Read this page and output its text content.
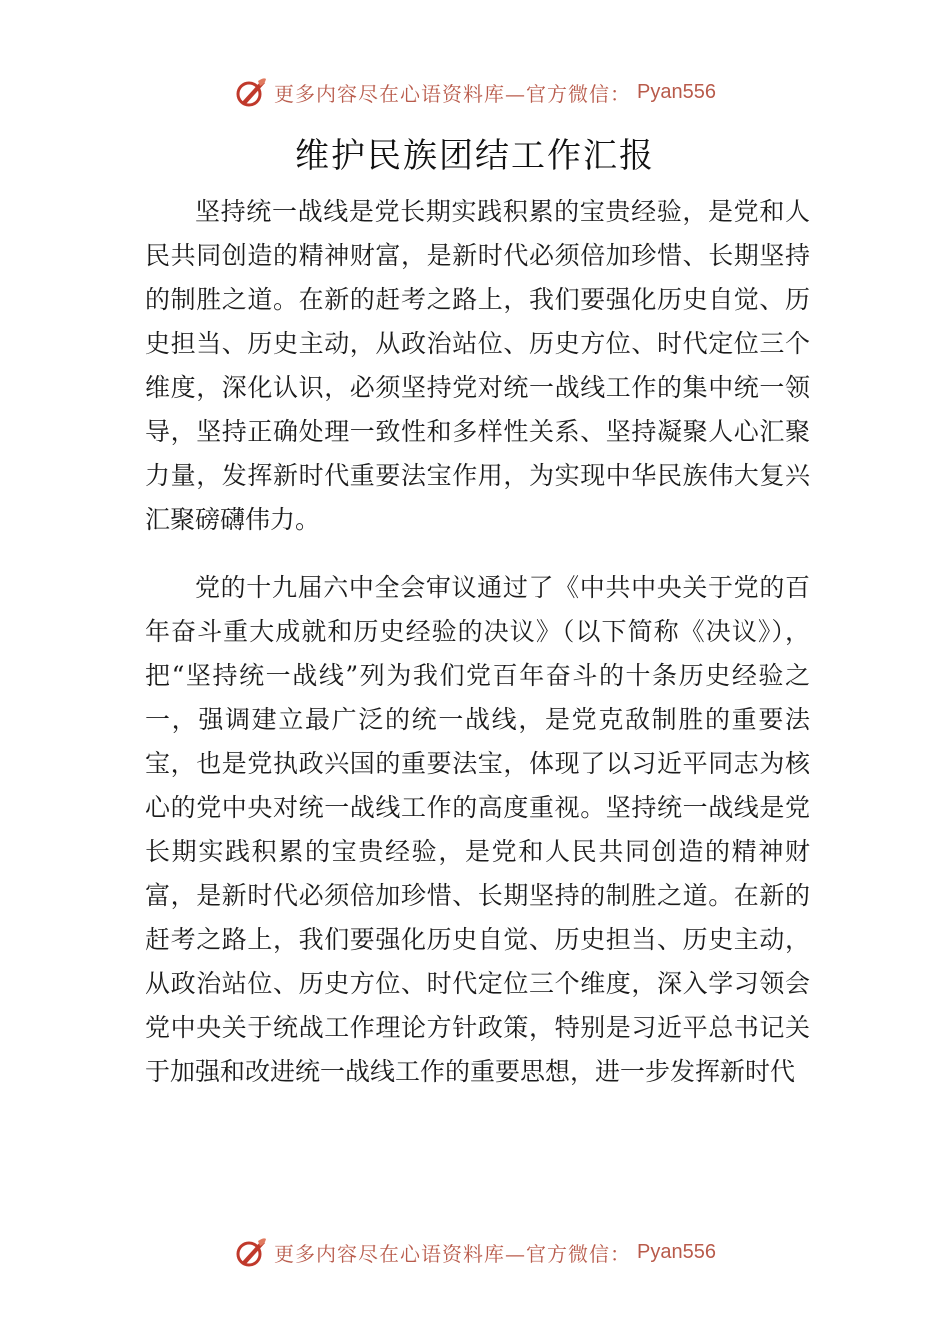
更多内容尽在心语资料库—官方微信： Pyan556
维护民族团结工作汇报

坚持统一战线是党长期实践积累的宝贵经验，是党和人民共同创造的精神财富，是新时代必须倍加珍惜、长期坚持的制胜之道。在新的赶考之路上，我们要强化历史自觉、历史担当、历史主动，从政治站位、历史方位、时代定位三个维度，深化认识，必须坚持党对统一战线工作的集中统一领导，坚持正确处理一致性和多样性关系、坚持凝聚人心汇聚力量，发挥新时代重要法宝作用，为实现中华民族伟大复兴汇聚磅礴伟力。

党的十九届六中全会审议通过了《中共中央关于党的百年奋斗重大成就和历史经验的决议》（以下简称《决议》），把“坚持统一战线”列为我们党百年奋斗的十条历史经验之一，强调建立最广泛的统一战线，是党克敌制胜的重要法宝，也是党执政兴国的重要法宝，体现了以习近平同志为核心的党中央对统一战线工作的高度重视。坚持统一战线是党长期实践积累的宝贵经验，是党和人民共同创造的精神财富，是新时代必须倍加珍惜、长期坚持的制胜之道。在新的赶考之路上，我们要强化历史自觉、历史担当、历史主动，从政治站位、历史方位、时代定位三个维度，深入学习领会党中央关于统战工作理论方针政策，特别是习近平总书记关于加强和改进统一战线工作的重要思想，进一步发挥新时代

更多内容尽在心语资料库—官方微信： Pyan556
